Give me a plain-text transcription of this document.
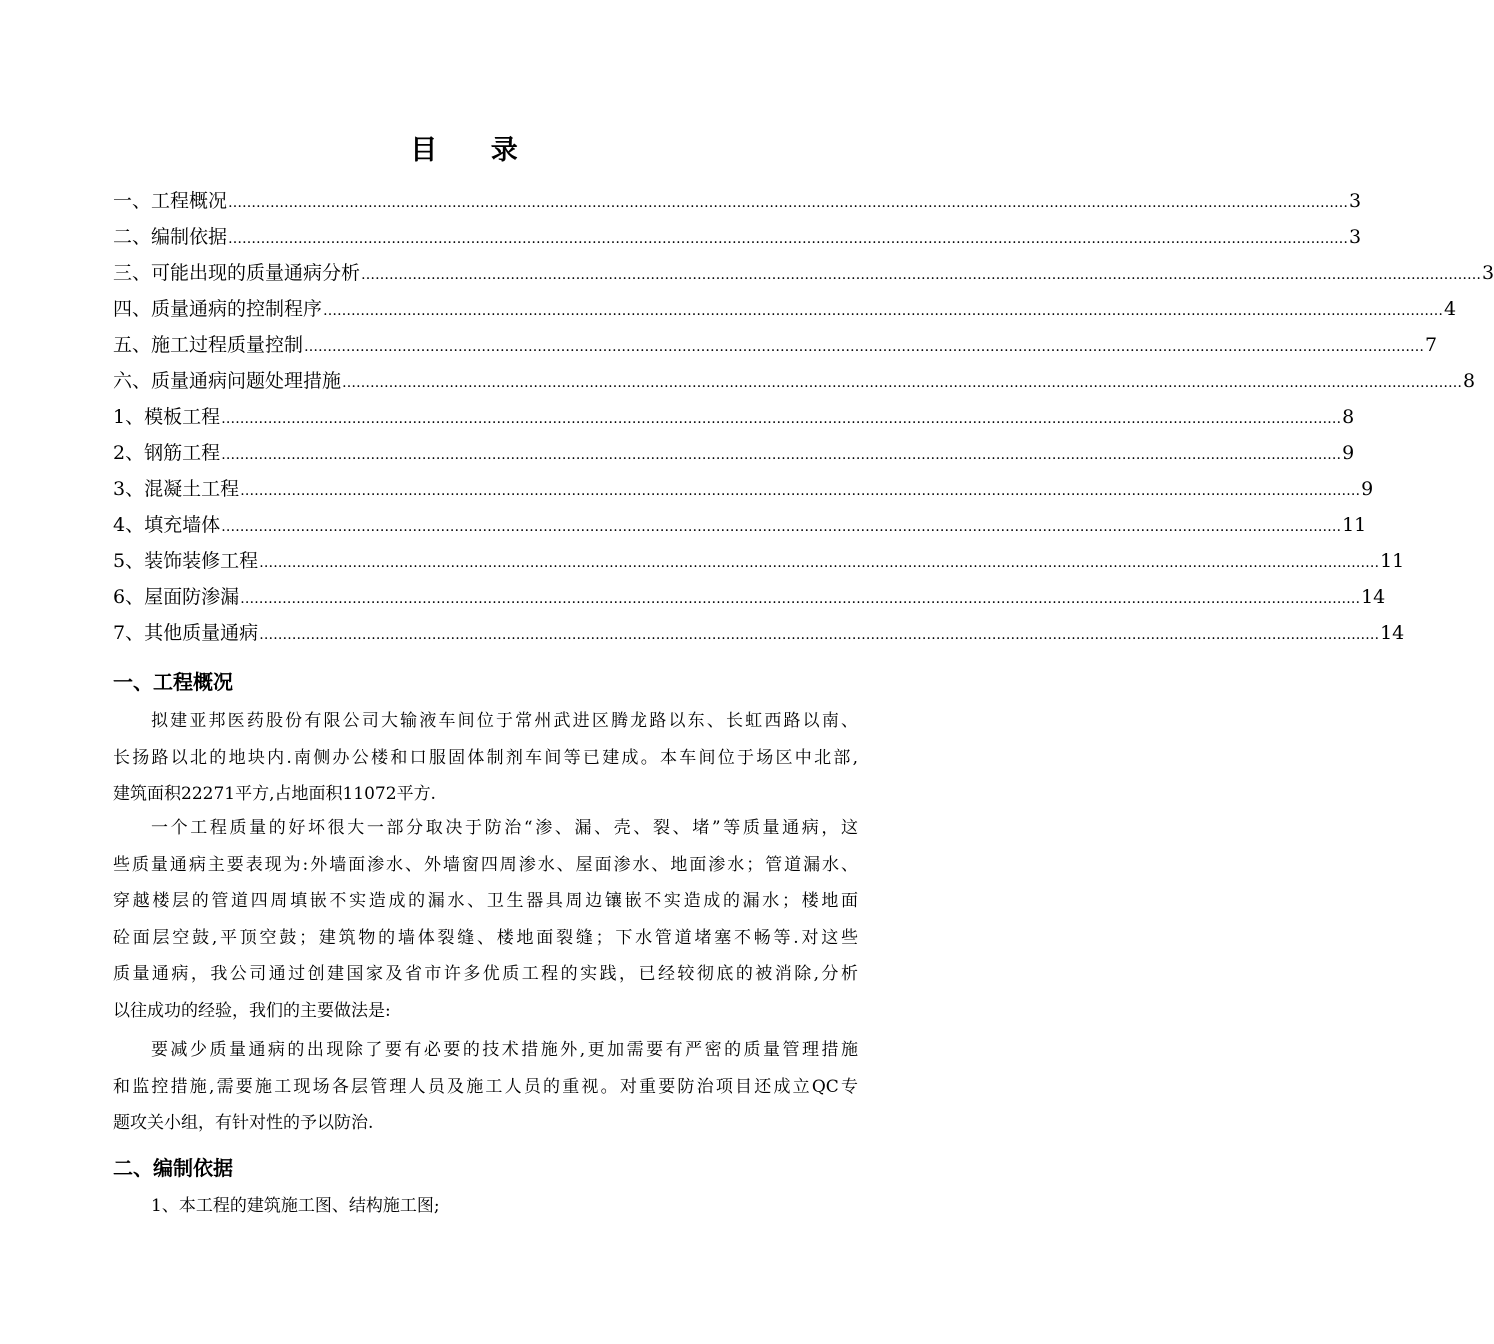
目 录
一、工程概况 …………………………………………………………………………………………………………………………………………………………………………………………………………………… 3
二、编制依据 …………………………………………………………………………………………………………………………………………………………………………………………………………………… 3
三、可能出现的质量通病分析 …………………………………………………………………………………………………………………………………………………………………………………………………………………… 3
四、质量通病的控制程序 …………………………………………………………………………………………………………………………………………………………………………………………………………………… 4
五、施工过程质量控制 …………………………………………………………………………………………………………………………………………………………………………………………………………………… 7
六、质量通病问题处理措施 …………………………………………………………………………………………………………………………………………………………………………………………………………………… 8
1、模板工程 …………………………………………………………………………………………………………………………………………………………………………………………………………………… 8
2、钢筋工程 …………………………………………………………………………………………………………………………………………………………………………………………………………………… 9
3、混凝土工程 …………………………………………………………………………………………………………………………………………………………………………………………………………………… 9
4、填充墙体 …………………………………………………………………………………………………………………………………………………………………………………………………………………… 11
5、装饰装修工程 …………………………………………………………………………………………………………………………………………………………………………………………………………………… 11
6、屋面防渗漏 …………………………………………………………………………………………………………………………………………………………………………………………………………………… 14
7、其他质量通病 …………………………………………………………………………………………………………………………………………………………………………………………………………………… 14
一、工程概况
拟建亚邦医药股份有限公司大输液车间位于常州武进区腾龙路以东、长虹西路以南、
长扬路以北的地块内.南侧办公楼和口服固体制剂车间等已建成。本车间位于场区中北部,
建筑面积22271平方,占地面积11072平方.
一个工程质量的好坏很大一部分取决于防治“渗、漏、壳、裂、堵”等质量通病，这
些质量通病主要表现为:外墙面渗水、外墙窗四周渗水、屋面渗水、地面渗水；管道漏水、
穿越楼层的管道四周填嵌不实造成的漏水、卫生器具周边镶嵌不实造成的漏水；楼地面
砼面层空鼓,平顶空鼓；建筑物的墙体裂缝、楼地面裂缝；下水管道堵塞不畅等.对这些
质量通病，我公司通过创建国家及省市许多优质工程的实践，已经较彻底的被消除,分析
以往成功的经验，我们的主要做法是:
要减少质量通病的出现除了要有必要的技术措施外,更加需要有严密的质量管理措施
和监控措施,需要施工现场各层管理人员及施工人员的重视。对重要防治项目还成立QC专
题攻关小组，有针对性的予以防治.
二、编制依据
1、本工程的建筑施工图、结构施工图;
